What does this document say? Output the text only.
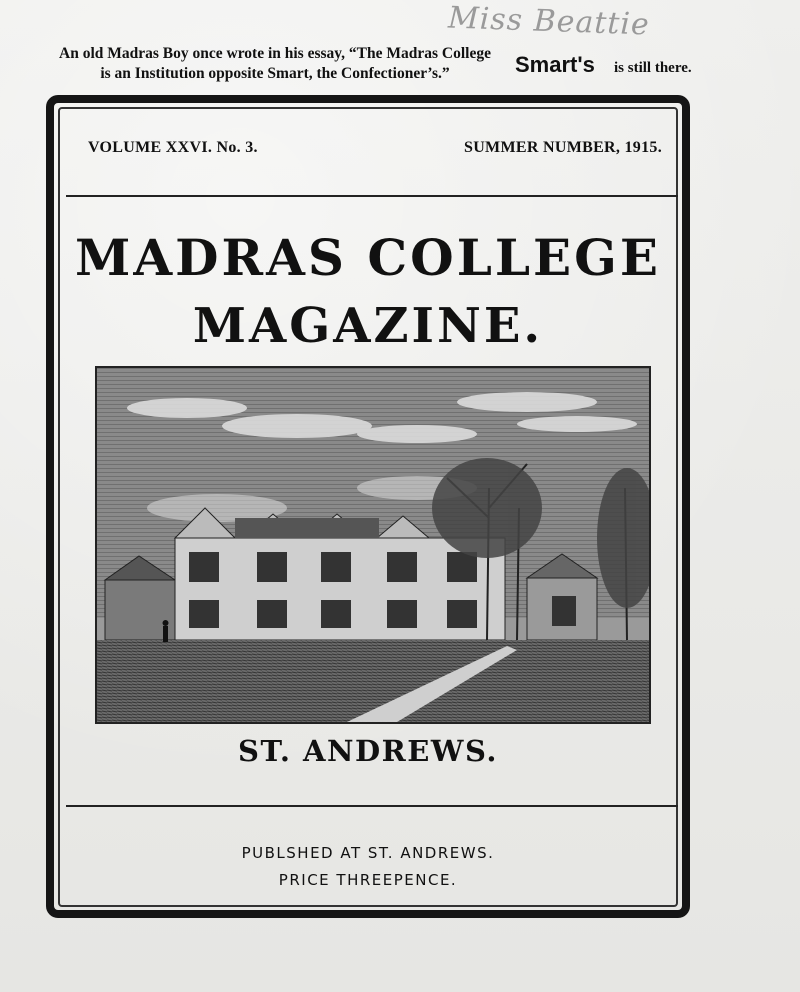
Miss Beattie
An old Madras Boy once wrote in his essay, “The Madras College
is an Institution opposite Smart, the Confectioner’s.”	Smart's is still there.
VOLUME XXVI. No. 3.	SUMMER NUMBER, 1915.
MADRAS COLLEGE
MAGAZINE.
ST. ANDREWS.
PUBLSHED AT ST. ANDREWS.
PRICE THREEPENCE.
